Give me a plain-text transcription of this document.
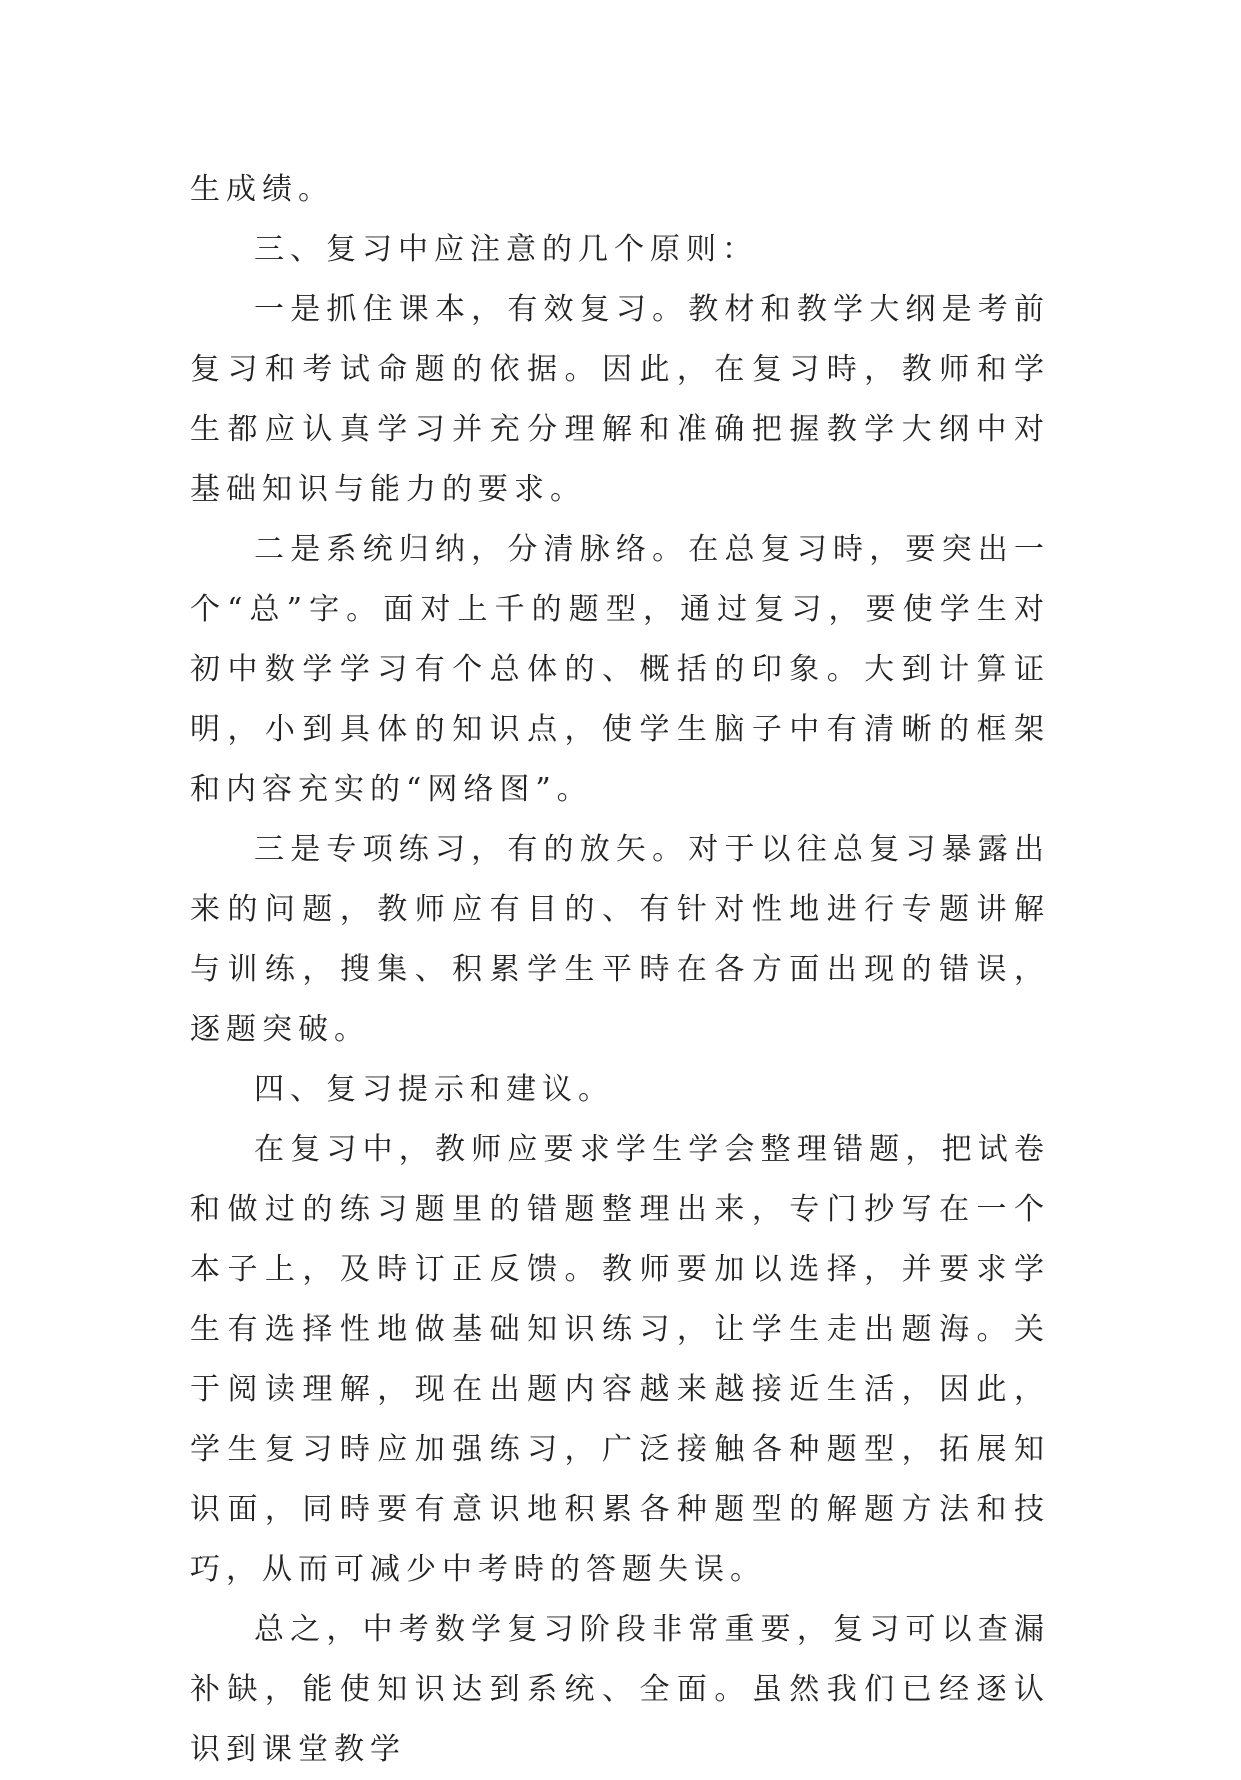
生成绩。

三、复习中应注意的几个原则：

一是抓住课本，有效复习。教材和教学大纲是考前复习和考试命题的依据。因此，在复习時，教师和学生都应认真学习并充分理解和准确把握教学大纲中对基础知识与能力的要求。

二是系统归纳，分清脉络。在总复习時，要突出一个“总”字。面对上千的题型，通过复习，要使学生对初中数学学习有个总体的、概括的印象。大到计算证明，小到具体的知识点，使学生脑子中有清晰的框架和内容充实的“网络图”。

三是专项练习，有的放矢。对于以往总复习暴露出来的问题，教师应有目的、有针对性地进行专题讲解与训练，搜集、积累学生平時在各方面出现的错误，逐题突破。

四、复习提示和建议。

在复习中，教师应要求学生学会整理错题，把试卷和做过的练习题里的错题整理出来，专门抄写在一个本子上，及時订正反馈。教师要加以选择，并要求学生有选择性地做基础知识练习，让学生走出题海。关于阅读理解，现在出题内容越来越接近生活，因此，学生复习時应加强练习，广泛接触各种题型，拓展知识面，同時要有意识地积累各种题型的解题方法和技巧，从而可减少中考時的答题失误。

总之，中考数学复习阶段非常重要，复习可以查漏补缺，能使知识达到系统、全面。虽然我们已经逐认识到课堂教学
